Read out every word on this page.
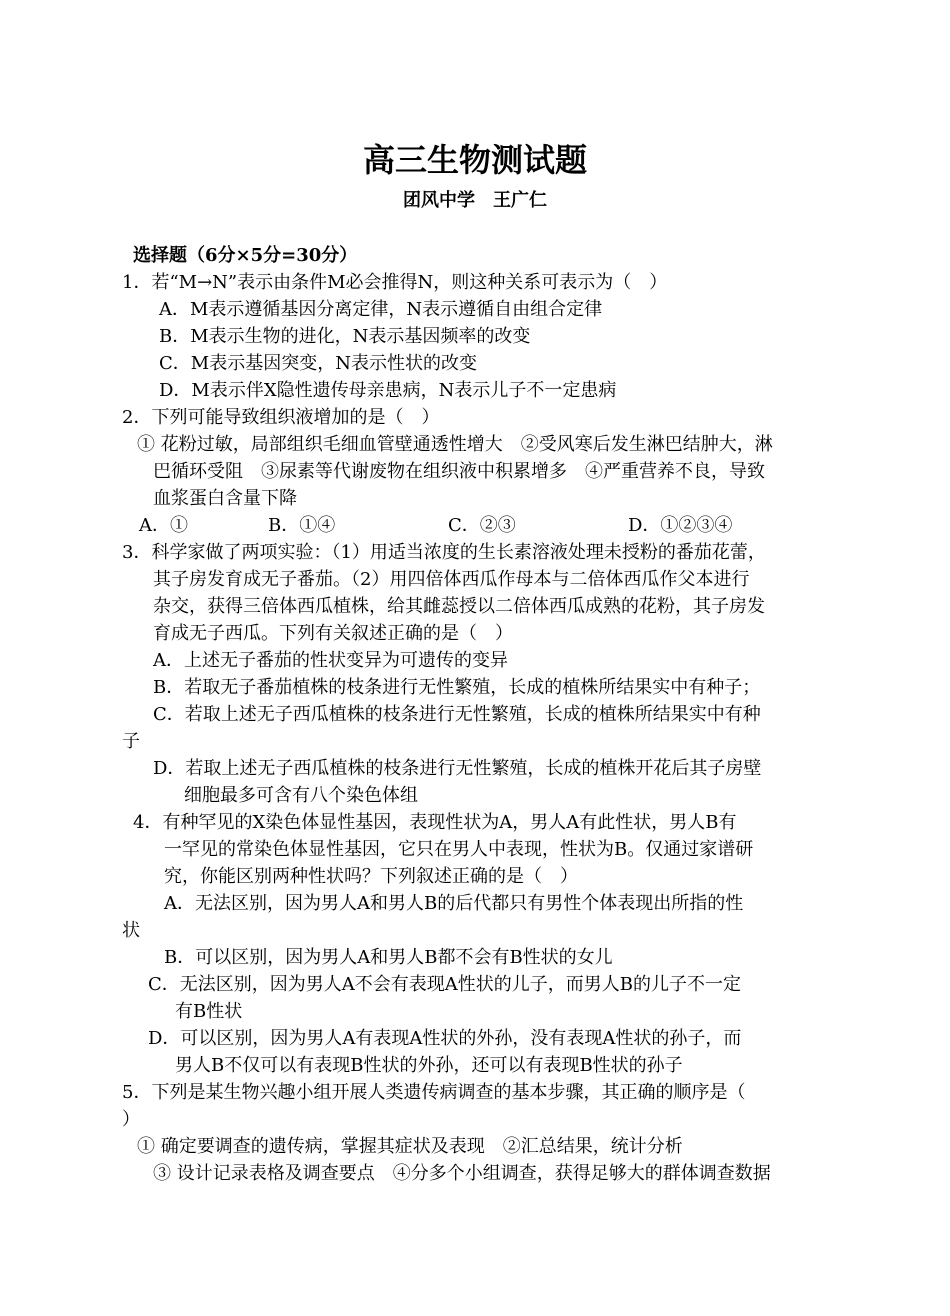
高三生物测试题
团风中学　王广仁
选择题（6分×5分=30分）
1．若“M→N”表示由条件M必会推得N，则这种关系可表示为（　）
A．M表示遵循基因分离定律，N表示遵循自由组合定律
B．M表示生物的进化，N表示基因频率的改变
C．M表示基因突变，N表示性状的改变
D．M表示伴X隐性遗传母亲患病，N表示儿子不一定患病
2．下列可能导致组织液增加的是（　）
① 花粉过敏，局部组织毛细血管壁通透性增大　②受风寒后发生淋巴结肿大，淋
巴循环受阻　③尿素等代谢废物在组织液中积累增多　④严重营养不良，导致
血浆蛋白含量下降
A．①	B．①④	C．②③	D．①②③④
3．科学家做了两项实验：（1）用适当浓度的生长素溶液处理未授粉的番茄花蕾，
其子房发育成无子番茄。（2）用四倍体西瓜作母本与二倍体西瓜作父本进行
杂交，获得三倍体西瓜植株，给其雌蕊授以二倍体西瓜成熟的花粉，其子房发
育成无子西瓜。下列有关叙述正确的是（　）
A．上述无子番茄的性状变异为可遗传的变异
B．若取无子番茄植株的枝条进行无性繁殖，长成的植株所结果实中有种子；
C．若取上述无子西瓜植株的枝条进行无性繁殖，长成的植株所结果实中有种
子
D．若取上述无子西瓜植株的枝条进行无性繁殖，长成的植株开花后其子房壁
细胞最多可含有八个染色体组
4．有种罕见的X染色体显性基因，表现性状为A，男人A有此性状，男人B有
一罕见的常染色体显性基因，它只在男人中表现，性状为B。仅通过家谱研
究，你能区别两种性状吗？下列叙述正确的是（　）
A．无法区别，因为男人A和男人B的后代都只有男性个体表现出所指的性
状
B．可以区别，因为男人A和男人B都不会有B性状的女儿
C．无法区别，因为男人A不会有表现A性状的儿子，而男人B的儿子不一定
有B性状
D．可以区别，因为男人A有表现A性状的外孙，没有表现A性状的孙子，而
男人B不仅可以有表现B性状的外孙，还可以有表现B性状的孙子
5．下列是某生物兴趣小组开展人类遗传病调查的基本步骤，其正确的顺序是（
）
① 确定要调查的遗传病，掌握其症状及表现　②汇总结果，统计分析
③ 设计记录表格及调查要点　④分多个小组调查，获得足够大的群体调查数据
